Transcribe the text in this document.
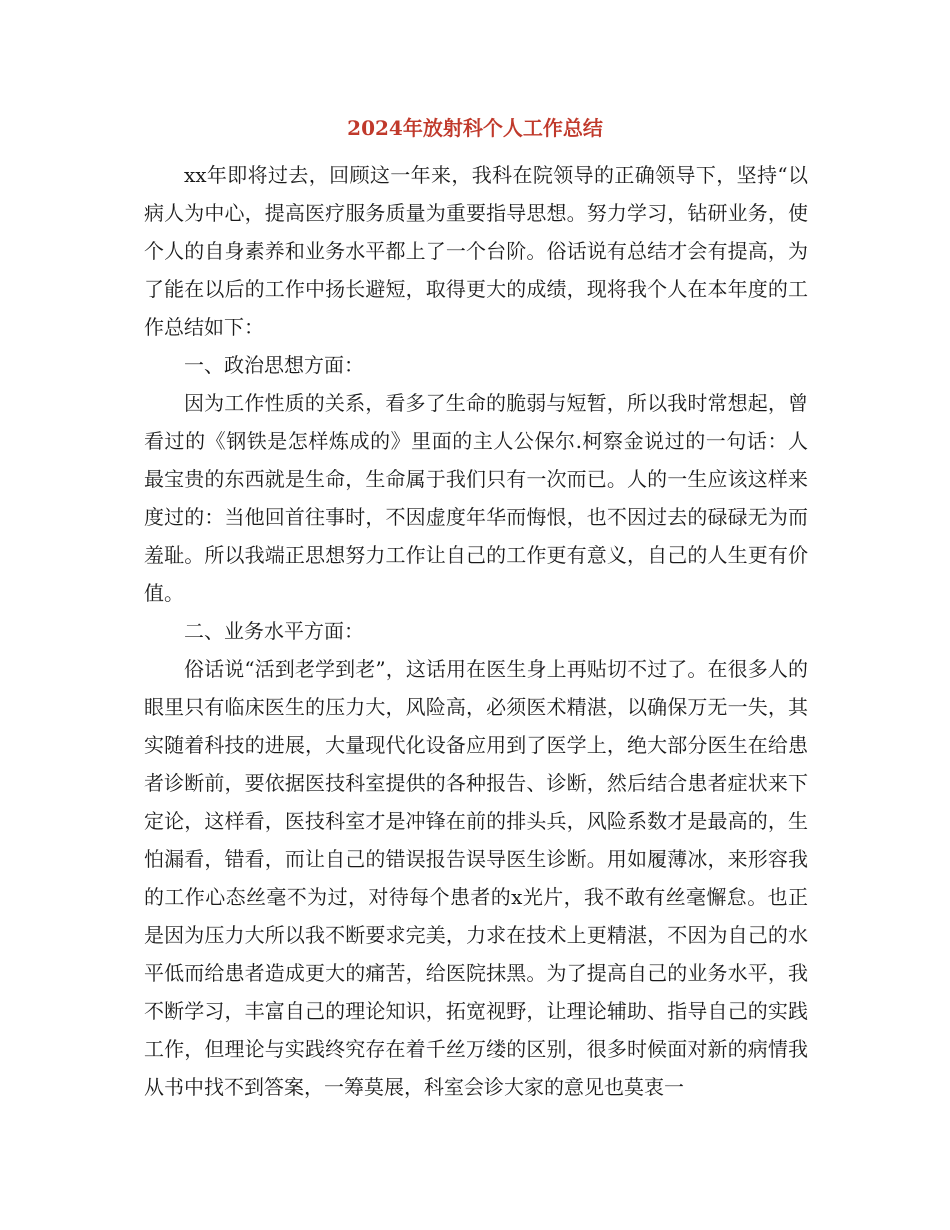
2024年放射科个人工作总结

xx年即将过去，回顾这一年来，我科在院领导的正确领导下，坚持“以病人为中心，提高医疗服务质量为重要指导思想。努力学习，钻研业务，使个人的自身素养和业务水平都上了一个台阶。俗话说有总结才会有提高，为了能在以后的工作中扬长避短，取得更大的成绩，现将我个人在本年度的工作总结如下：

一、政治思想方面：

因为工作性质的关系，看多了生命的脆弱与短暂，所以我时常想起，曾看过的《钢铁是怎样炼成的》里面的主人公保尔.柯察金说过的一句话：人最宝贵的东西就是生命，生命属于我们只有一次而已。人的一生应该这样来度过的：当他回首往事时，不因虚度年华而悔恨，也不因过去的碌碌无为而羞耻。所以我端正思想努力工作让自己的工作更有意义，自己的人生更有价值。

二、业务水平方面：

俗话说“活到老学到老”，这话用在医生身上再贴切不过了。在很多人的眼里只有临床医生的压力大，风险高，必须医术精湛，以确保万无一失，其实随着科技的进展，大量现代化设备应用到了医学上，绝大部分医生在给患者诊断前，要依据医技科室提供的各种报告、诊断，然后结合患者症状来下定论，这样看，医技科室才是冲锋在前的排头兵，风险系数才是最高的，生怕漏看，错看，而让自己的错误报告误导医生诊断。用如履薄冰，来形容我的工作心态丝毫不为过，对待每个患者的x光片，我不敢有丝毫懈怠。也正是因为压力大所以我不断要求完美，力求在技术上更精湛，不因为自己的水平低而给患者造成更大的痛苦，给医院抹黑。为了提高自己的业务水平，我不断学习，丰富自己的理论知识，拓宽视野，让理论辅助、指导自己的实践工作，但理论与实践终究存在着千丝万缕的区别，很多时候面对新的病情我从书中找不到答案，一筹莫展，科室会诊大家的意见也莫衷一
